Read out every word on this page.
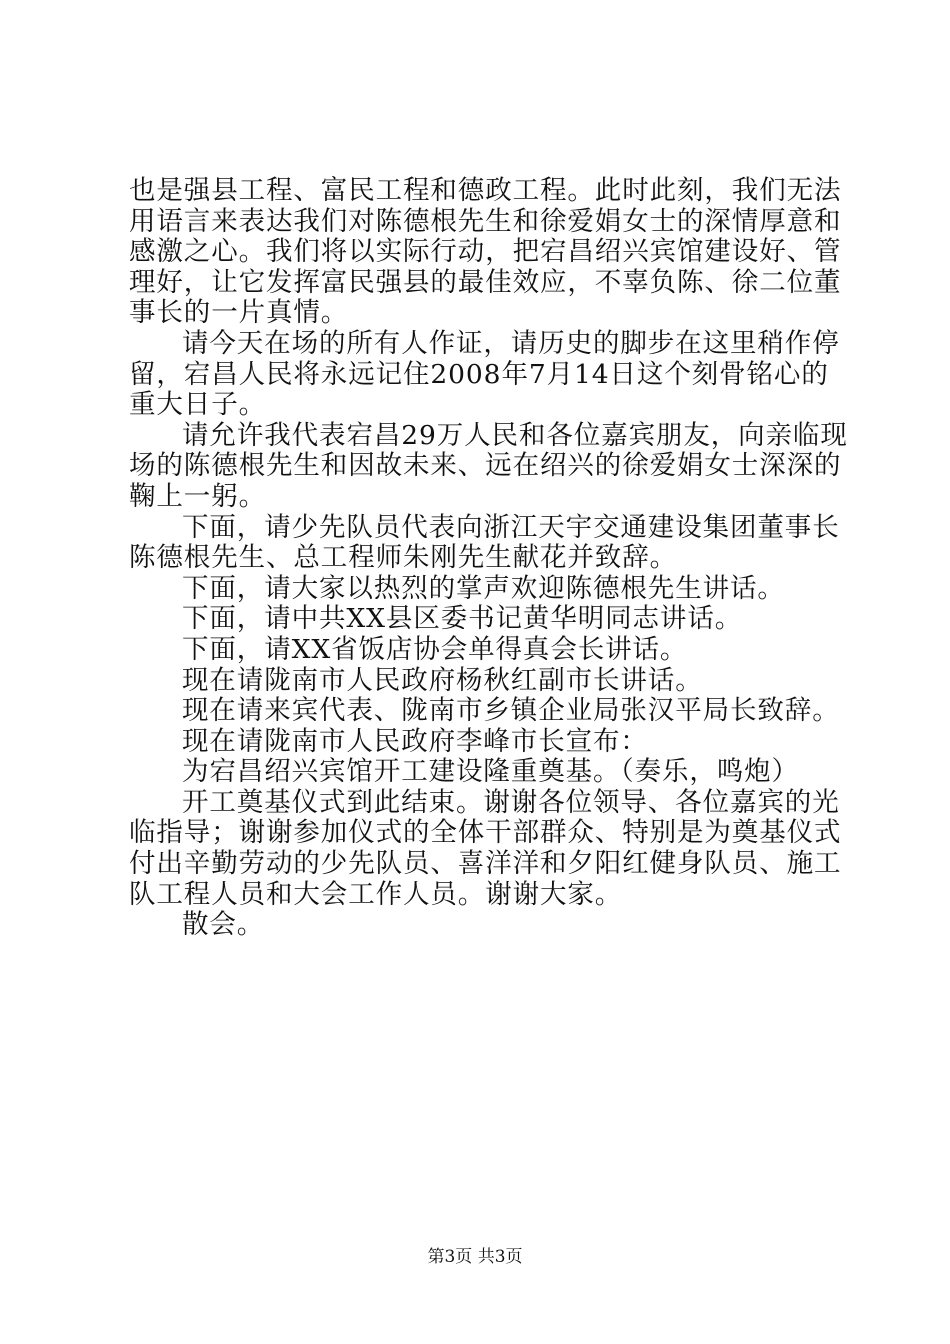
也是强县工程、富民工程和德政工程。此时此刻，我们无法用语言来表达我们对陈德根先生和徐爱娟女士的深情厚意和感激之心。我们将以实际行动，把宕昌绍兴宾馆建设好、管理好，让它发挥富民强县的最佳效应，不辜负陈、徐二位董事长的一片真情。

请今天在场的所有人作证，请历史的脚步在这里稍作停留，宕昌人民将永远记住2008年7月14日这个刻骨铭心的重大日子。

请允许我代表宕昌29万人民和各位嘉宾朋友，向亲临现场的陈德根先生和因故未来、远在绍兴的徐爱娟女士深深的鞠上一躬。

下面，请少先队员代表向浙江天宇交通建设集团董事长陈德根先生、总工程师朱刚先生献花并致辞。

下面，请大家以热烈的掌声欢迎陈德根先生讲话。

下面，请中共XX县区委书记黄华明同志讲话。

下面，请XX省饭店协会单得真会长讲话。

现在请陇南市人民政府杨秋红副市长讲话。

现在请来宾代表、陇南市乡镇企业局张汉平局长致辞。

现在请陇南市人民政府李峰市长宣布：

为宕昌绍兴宾馆开工建设隆重奠基。（奏乐，鸣炮）

开工奠基仪式到此结束。谢谢各位领导、各位嘉宾的光临指导；谢谢参加仪式的全体干部群众、特别是为奠基仪式付出辛勤劳动的少先队员、喜洋洋和夕阳红健身队员、施工队工程人员和大会工作人员。谢谢大家。

散会。

第3页 共3页
